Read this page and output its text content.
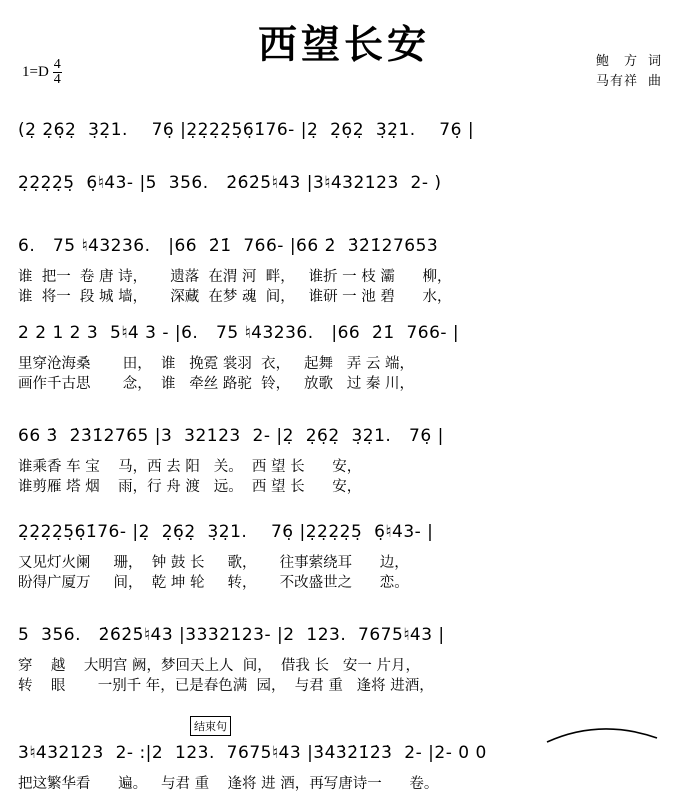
西望长安
$1=D \frac{4}{4}$	鲍　方 词
马有祥 曲
(2̣ 2̣6̣2̣  3̣2̣1.    76̣ |2̣2̣2̣2̣5̣6̣1̇76- |2̣  2̣6̣2̣  3̣2̣1.    76̣ |
2̣2̣2̣2̣5̣  6̣♮43- |5  356.   2̇6̇2̇5̇♮43 |3♮432123  2- )
6.   75 ♮43236.   |66  2̇1̇  766- |66 2̇  3̇2̇1̇27653
谁  把一  卷 唐 诗，     遗落  在渭 河  畔，   谁折 一 枝 灞      柳，
谁  将一  段 城 墙，     深藏  在梦 魂  间，   谁研 一 池 碧      水，
2 2 1 2 3  5♮4 3 - |6.   75 ♮43236.   |66  2̇1̇  766- |
里穿沧海桑       田，  谁   挽霓 裳羽  衣，   起舞   弄 云 端，
画作千古思       念，  谁   牵丝 路驼  铃，   放歌   过 秦 川，
66 3̇  2̇3̇1̇2765 |3  32123  2- |2̣  2̣6̣2̣  3̣2̣1.   76̣ |
谁乘香 车 宝    马，西 去 阳   关。  西 望 长      安，
谁剪雁 塔 烟    雨，行 舟 渡   远。  西 望 长      安，
2̣2̣2̣2̣5̣6̣1̇76- |2̣  2̣6̣2̣  3̣2̣1.    76̣ |2̣2̣2̣2̣5̣  6̣♮43- |
又见灯火阑     珊，  钟 鼓 长     歌，     往事萦绕耳      边，
盼得广厦万     间，  乾 坤 轮     转，     不改盛世之      恋。
5  356.   2̇6̇2̇5̇♮43 |3332123- |2  123.  7675♮43 |
穿    越    大明宫 阙，梦回天上人  间，  借我 长   安一 片月，
转    眼       一别千 年，已是春色满  园，  与君 重   逢将 进酒，
结束句
3♮432123  2- :|2  123.  7675♮43 |3̇4̇3̇2̇1̇2̇3̇  2- |2- 0 0
把这繁华看      遍。   与君 重    逢将 进 酒，再写唐诗一      卷。
